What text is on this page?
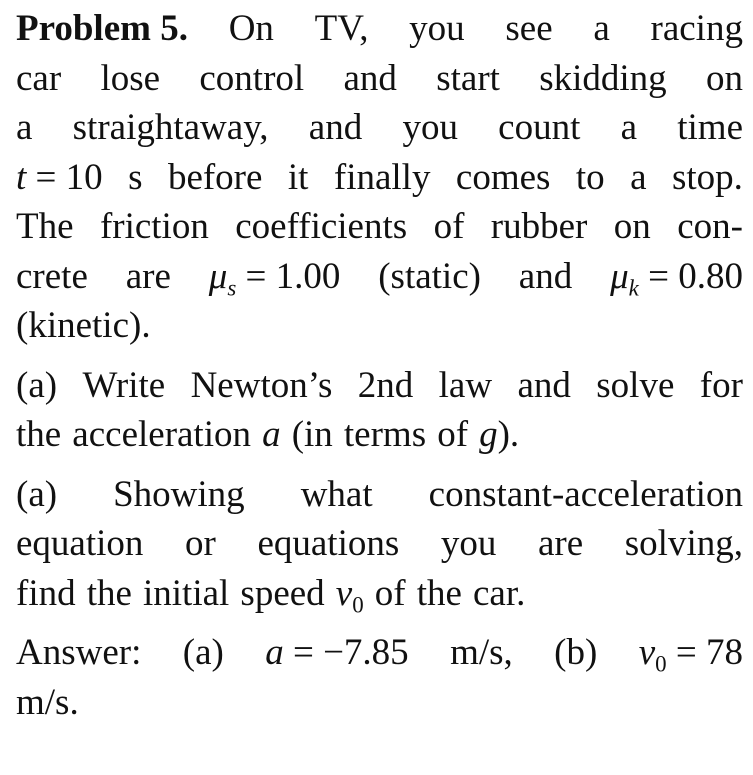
Problem 5. On TV, you see a racing
car lose control and start skidding on
a straightaway, and you count a time
t = 10 s before it finally comes to a stop.
The friction coefficients of rubber on con-
crete are $\mu_s = 1.00$ (static) and $\mu_k = 0.80$
(kinetic).
(a) Write Newton’s 2nd law and solve for
the acceleration a (in terms of g).
(a) Showing what constant-acceleration
equation or equations you are solving,
find the initial speed $v_0$ of the car.
Answer: (a) a = −7.85 m/s, (b) $v_0 = 78$
m/s.
